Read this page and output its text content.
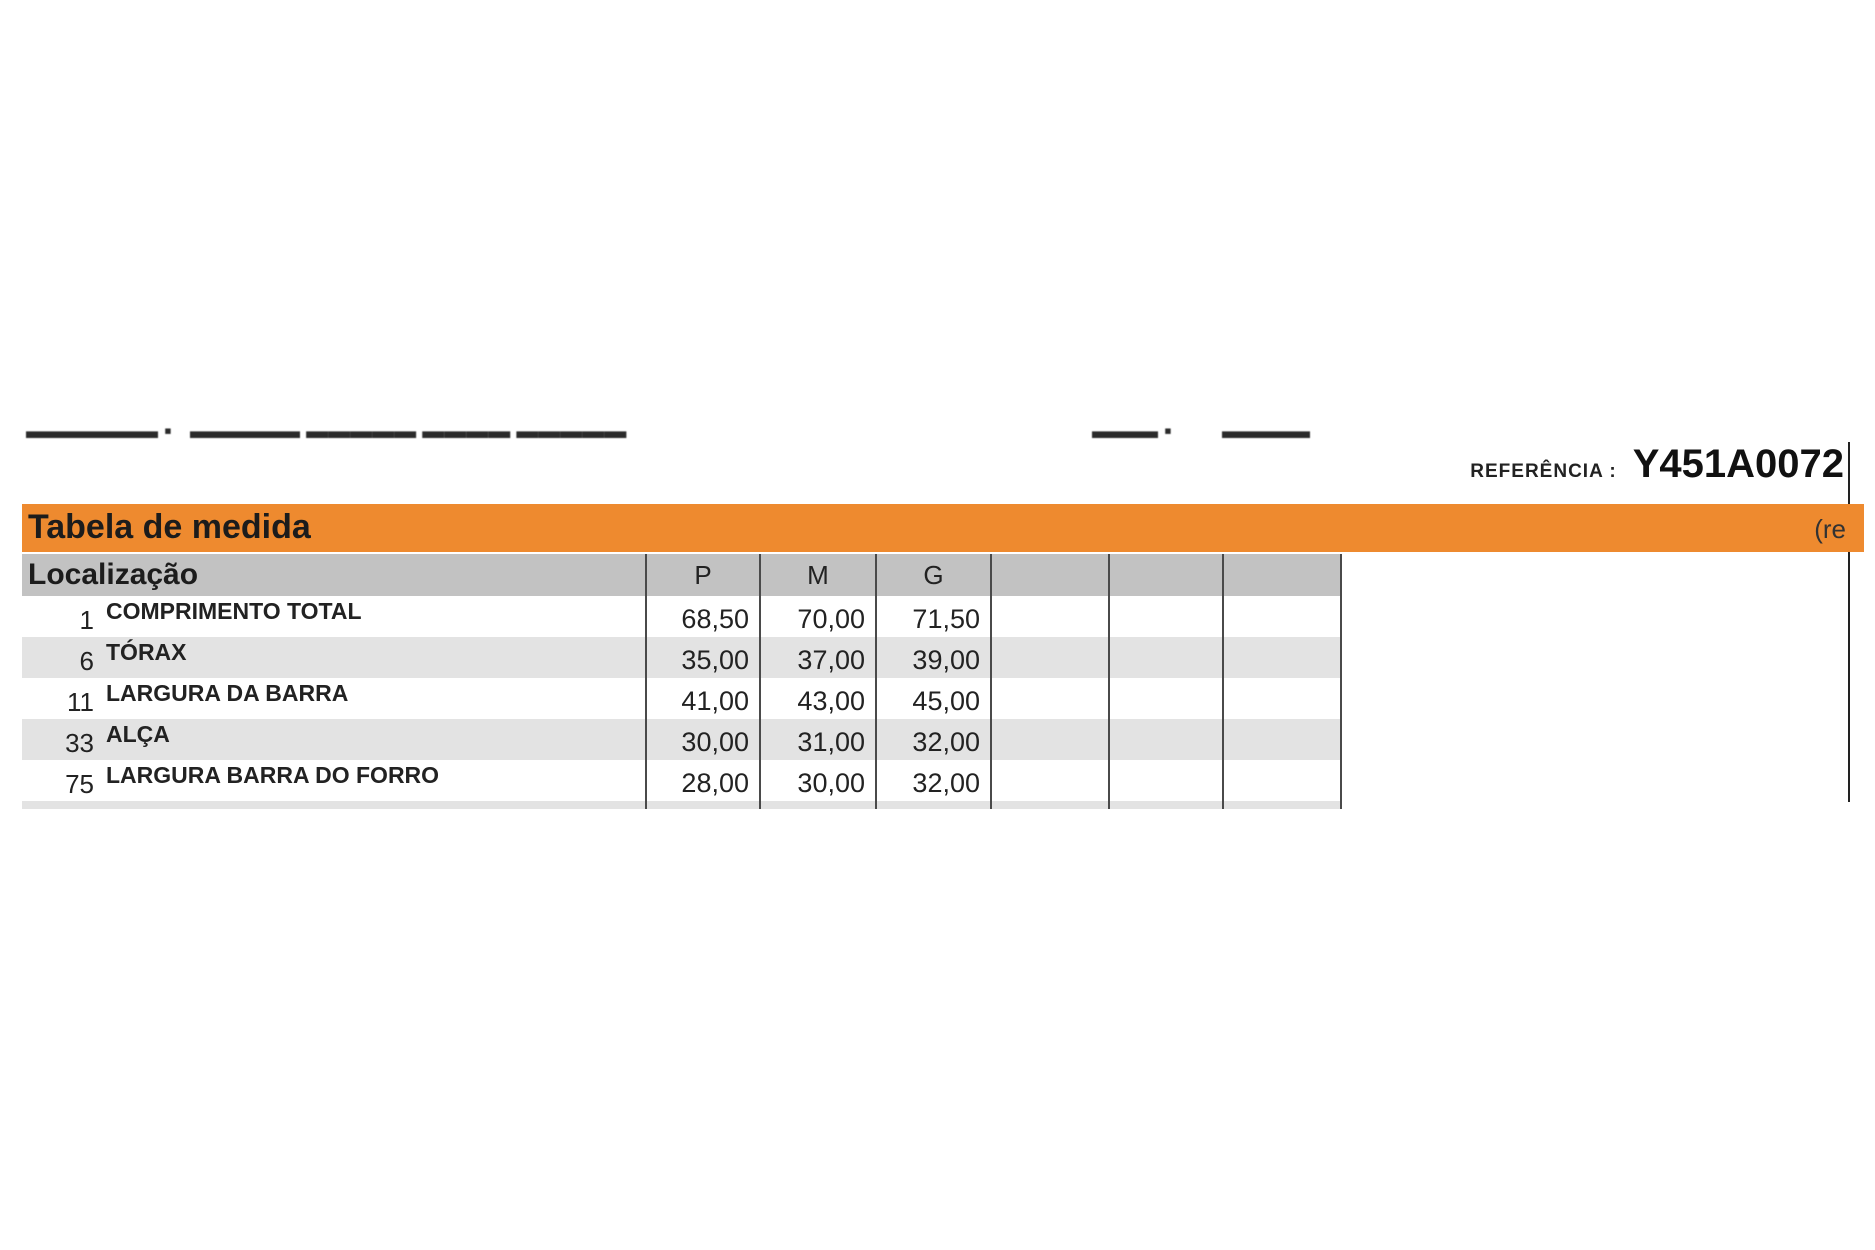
▬▬▬▬▬▬ ▪ ▬▬▬▬▬ ▬▬▬▬▬ ▬▬▬▬ ▬▬▬▬▬	▬▬▬ ▪ ▬▬▬▬
REFERÊNCIA : Y451A0072
Tabela de medida	(re
Localização	P	M	G			
1 COMPRIMENTO TOTAL	68,50	70,00	71,50			
6 TÓRAX	35,00	37,00	39,00			
11 LARGURA DA BARRA	41,00	43,00	45,00			
33 ALÇA	30,00	31,00	32,00			
75 LARGURA BARRA DO FORRO	28,00	30,00	32,00			
